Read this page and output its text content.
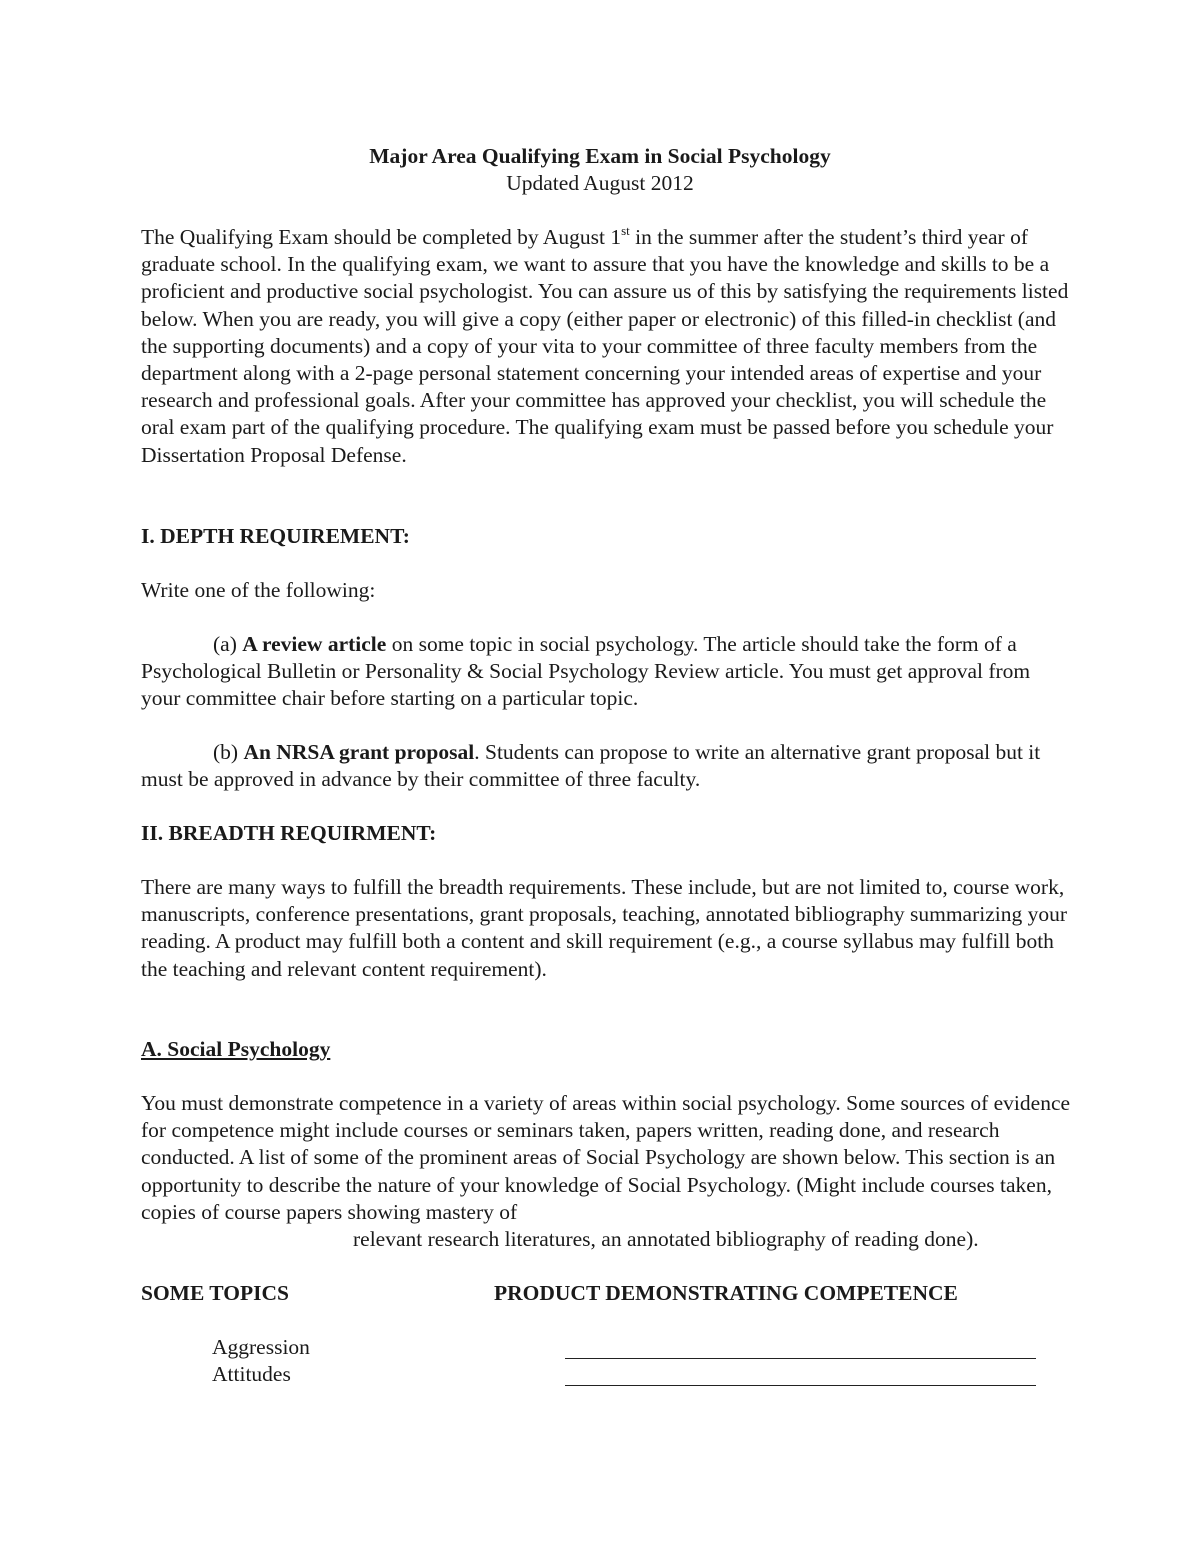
Major Area Qualifying Exam in Social Psychology
Updated August 2012

The Qualifying Exam should be completed by August 1st in the summer after the student’s third year of graduate school. In the qualifying exam, we want to assure that you have the knowledge and skills to be a proficient and productive social psychologist. You can assure us of this by satisfying the requirements listed below. When you are ready, you will give a copy (either paper or electronic) of this filled-in checklist (and the supporting documents) and a copy of your vita to your committee of three faculty members from the department along with a 2-page personal statement concerning your intended areas of expertise and your research and professional goals. After your committee has approved your checklist, you will schedule the oral exam part of the qualifying procedure. The qualifying exam must be passed before you schedule your Dissertation Proposal Defense.

I. DEPTH REQUIREMENT:
Write one of the following:

(a) A review article on some topic in social psychology. The article should take the form of a Psychological Bulletin or Personality & Social Psychology Review article. You must get approval from your committee chair before starting on a particular topic.

(b) An NRSA grant proposal. Students can propose to write an alternative grant proposal but it must be approved in advance by their committee of three faculty.

II. BREADTH REQUIRMENT:

There are many ways to fulfill the breadth requirements. These include, but are not limited to, course work, manuscripts, conference presentations, grant proposals, teaching, annotated bibliography summarizing your reading. A product may fulfill both a content and skill requirement (e.g., a course syllabus may fulfill both the teaching and relevant content requirement).

A. Social Psychology

You must demonstrate competence in a variety of areas within social psychology. Some sources of evidence for competence might include courses or seminars taken, papers written, reading done, and research conducted. A list of some of the prominent areas of Social Psychology are shown below. This section is an opportunity to describe the nature of your knowledge of Social Psychology. (Might include courses taken, copies of course papers showing mastery of
relevant research literatures, an annotated bibliography of reading done).

SOME TOPICS	PRODUCT DEMONSTRATING COMPETENCE
Aggression
Attitudes
